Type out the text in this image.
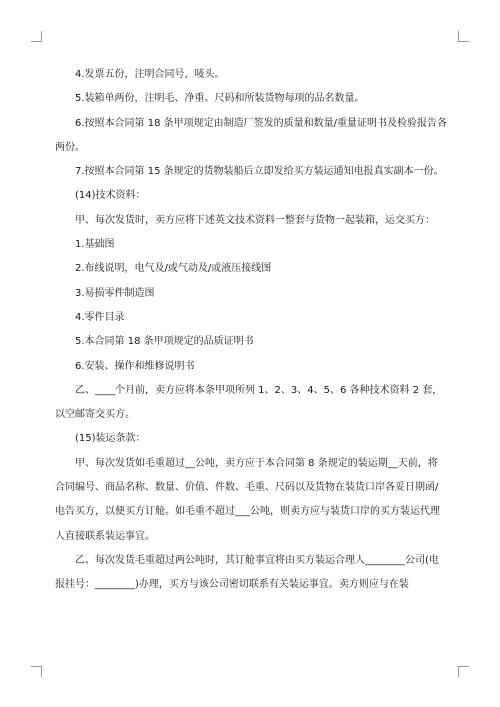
4.发票五份，注明合同号，唛头。

5.装箱单两份，注明毛、净重、尺码和所装货物每项的品名数量。

6.按照本合同第 18 条甲项规定由制造厂签发的质量和数量/重量证明书及检验报告各两份。

7.按照本合同第 15 条规定的货物装船后立即发给买方装运通知电报真实副本一份。

(14)技术资料：

甲、每次发货时，卖方应将下述英文技术资料一整套与货物一起装箱，运交买方：

1.基础图

2.布线说明，电气及/或气动及/或液压接线图

3.易损零件制造图

4.零件目录

5.本合同第 18 条甲项规定的品质证明书

6.安装、操作和维修说明书

乙、____个月前，卖方应将本条甲项所列 1、2、3、4、5、6 各种技术资料 2 套，以空邮寄交买方。

(15)装运条款：

甲、每次发货如毛重超过__公吨，卖方应于本合同第 8 条规定的装运期__天前，将合同编号、商品名称、数量、价值、件数、毛重、尺码以及货物在装货口岸各妥日期函/电告买方，以便买方订舱。如毛重不超过___公吨，则卖方应与装货口岸的买方装运代理人直接联系装运事宜。

乙、每次发货毛重超过两公吨时，其订舱事宜将由买方装运合理人________公司(电报挂号：________)办理，买方与该公司密切联系有关装运事宜。卖方则应与在装
